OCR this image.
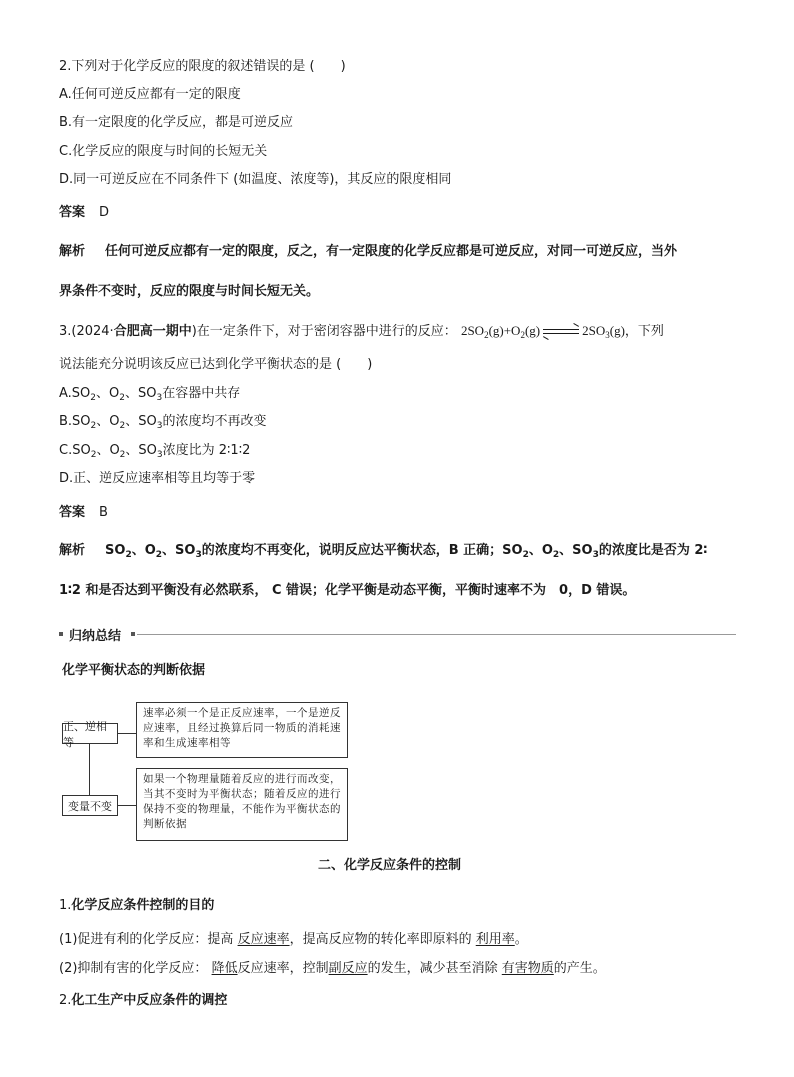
2.下列对于化学反应的限度的叙述错误的是 (　　)
A.任何可逆反应都有一定的限度
B.有一定限度的化学反应，都是可逆反应
C.化学反应的限度与时间的长短无关
D.同一可逆反应在不同条件下 (如温度、浓度等)，其反应的限度相同
答案 D
解析 任何可逆反应都有一定的限度，反之，有一定限度的化学反应都是可逆反应，对同一可逆反应，当外
界条件不变时，反应的限度与时间长短无关。
3.(2024·合肥高一期中)在一定条件下，对于密闭容器中进行的反应： $2SO_2(g)+O_2(g) \to 2SO_3(g)$，下列
说法能充分说明该反应已达到化学平衡状态的是 (　　)
$A.SO_2$、$O_2$、$SO_3$在容器中共存
$B.SO_2$、$O_2$、$SO_3$的浓度均不再改变
$C.SO_2$、$O_2$、$SO_3$浓度比为 2∶1∶2
D.正、逆反应速率相等且均等于零
答案 B
解析 $SO_2$、$O_2$、$SO_3$的浓度均不再变化，说明反应达平衡状态，B 正确；$SO_2$、$O_2$、$SO_3$的浓度比是否为 2∶
1∶2 和是否达到平衡没有必然联系， C 错误；化学平衡是动态平衡，平衡时速率不为　0，D 错误。
归纳总结
化学平衡状态的判断依据
正、逆相等
速率必须一个是正反应速率，一个是逆反应速率，且经过换算后同一物质的消耗速率和生成速率相等
变量不变
如果一个物理量随着反应的进行而改变，当其不变时为平衡状态；随着反应的进行保持不变的物理量，不能作为平衡状态的判断依据
二、化学反应条件的控制
1.化学反应条件控制的目的
(1)促进有利的化学反应：提高 反应速率，提高反应物的转化率即原料的 利用率。
(2)抑制有害的化学反应： 降低反应速率，控制副反应的发生，减少甚至消除 有害物质的产生。
2.化工生产中反应条件的调控
